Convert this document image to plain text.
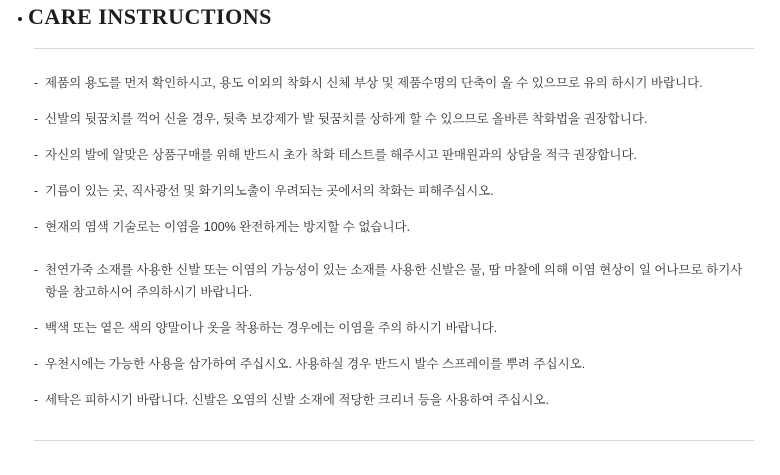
CARE INSTRUCTIONS
- 제품의 용도를 먼저 확인하시고, 용도 이외의 착화시 신체 부상 및 제품수명의 단축이 올 수 있으므로 유의 하시기 바랍니다.
- 신발의 뒷꿈치를 꺽어 신을 경우, 뒷축 보강제가 발 뒷꿈치를 상하게 할 수 있으므로 올바른 착화법을 권장합니다.
- 자신의 발에 알맞은 상품구매를 위해 반드시 초가 착화 테스트를 해주시고 판매원과의 상담을 적극 권장합니다.
- 기름이 있는 곳, 직사광선 및 화기의노출이 우려되는 곳에서의 착화는 피해주십시오.
- 현재의 염색 기술로는 이염을 100% 완전하게는 방지할 수 없습니다.
- 천연가죽 소재를 사용한 신발 또는 이염의 가능성이 있는 소재를 사용한 신발은 물, 땀 마찰에 의해 이염 현상이 일 어나므로 하기사항을 참고하시어 주의하시기 바랍니다.
- 백색 또는 옅은 색의 양말이나 옷을 착용하는 경우에는 이염을 주의 하시기 바랍니다.
- 우천시에는 가능한 사용을 삼가하여 주십시오. 사용하실 경우 반드시 발수 스프레이를 뿌려 주십시오.
- 세탁은 피하시기 바랍니다. 신발은 오염의 신발 소재에 적당한 크리너 등을 사용하여 주십시오.
